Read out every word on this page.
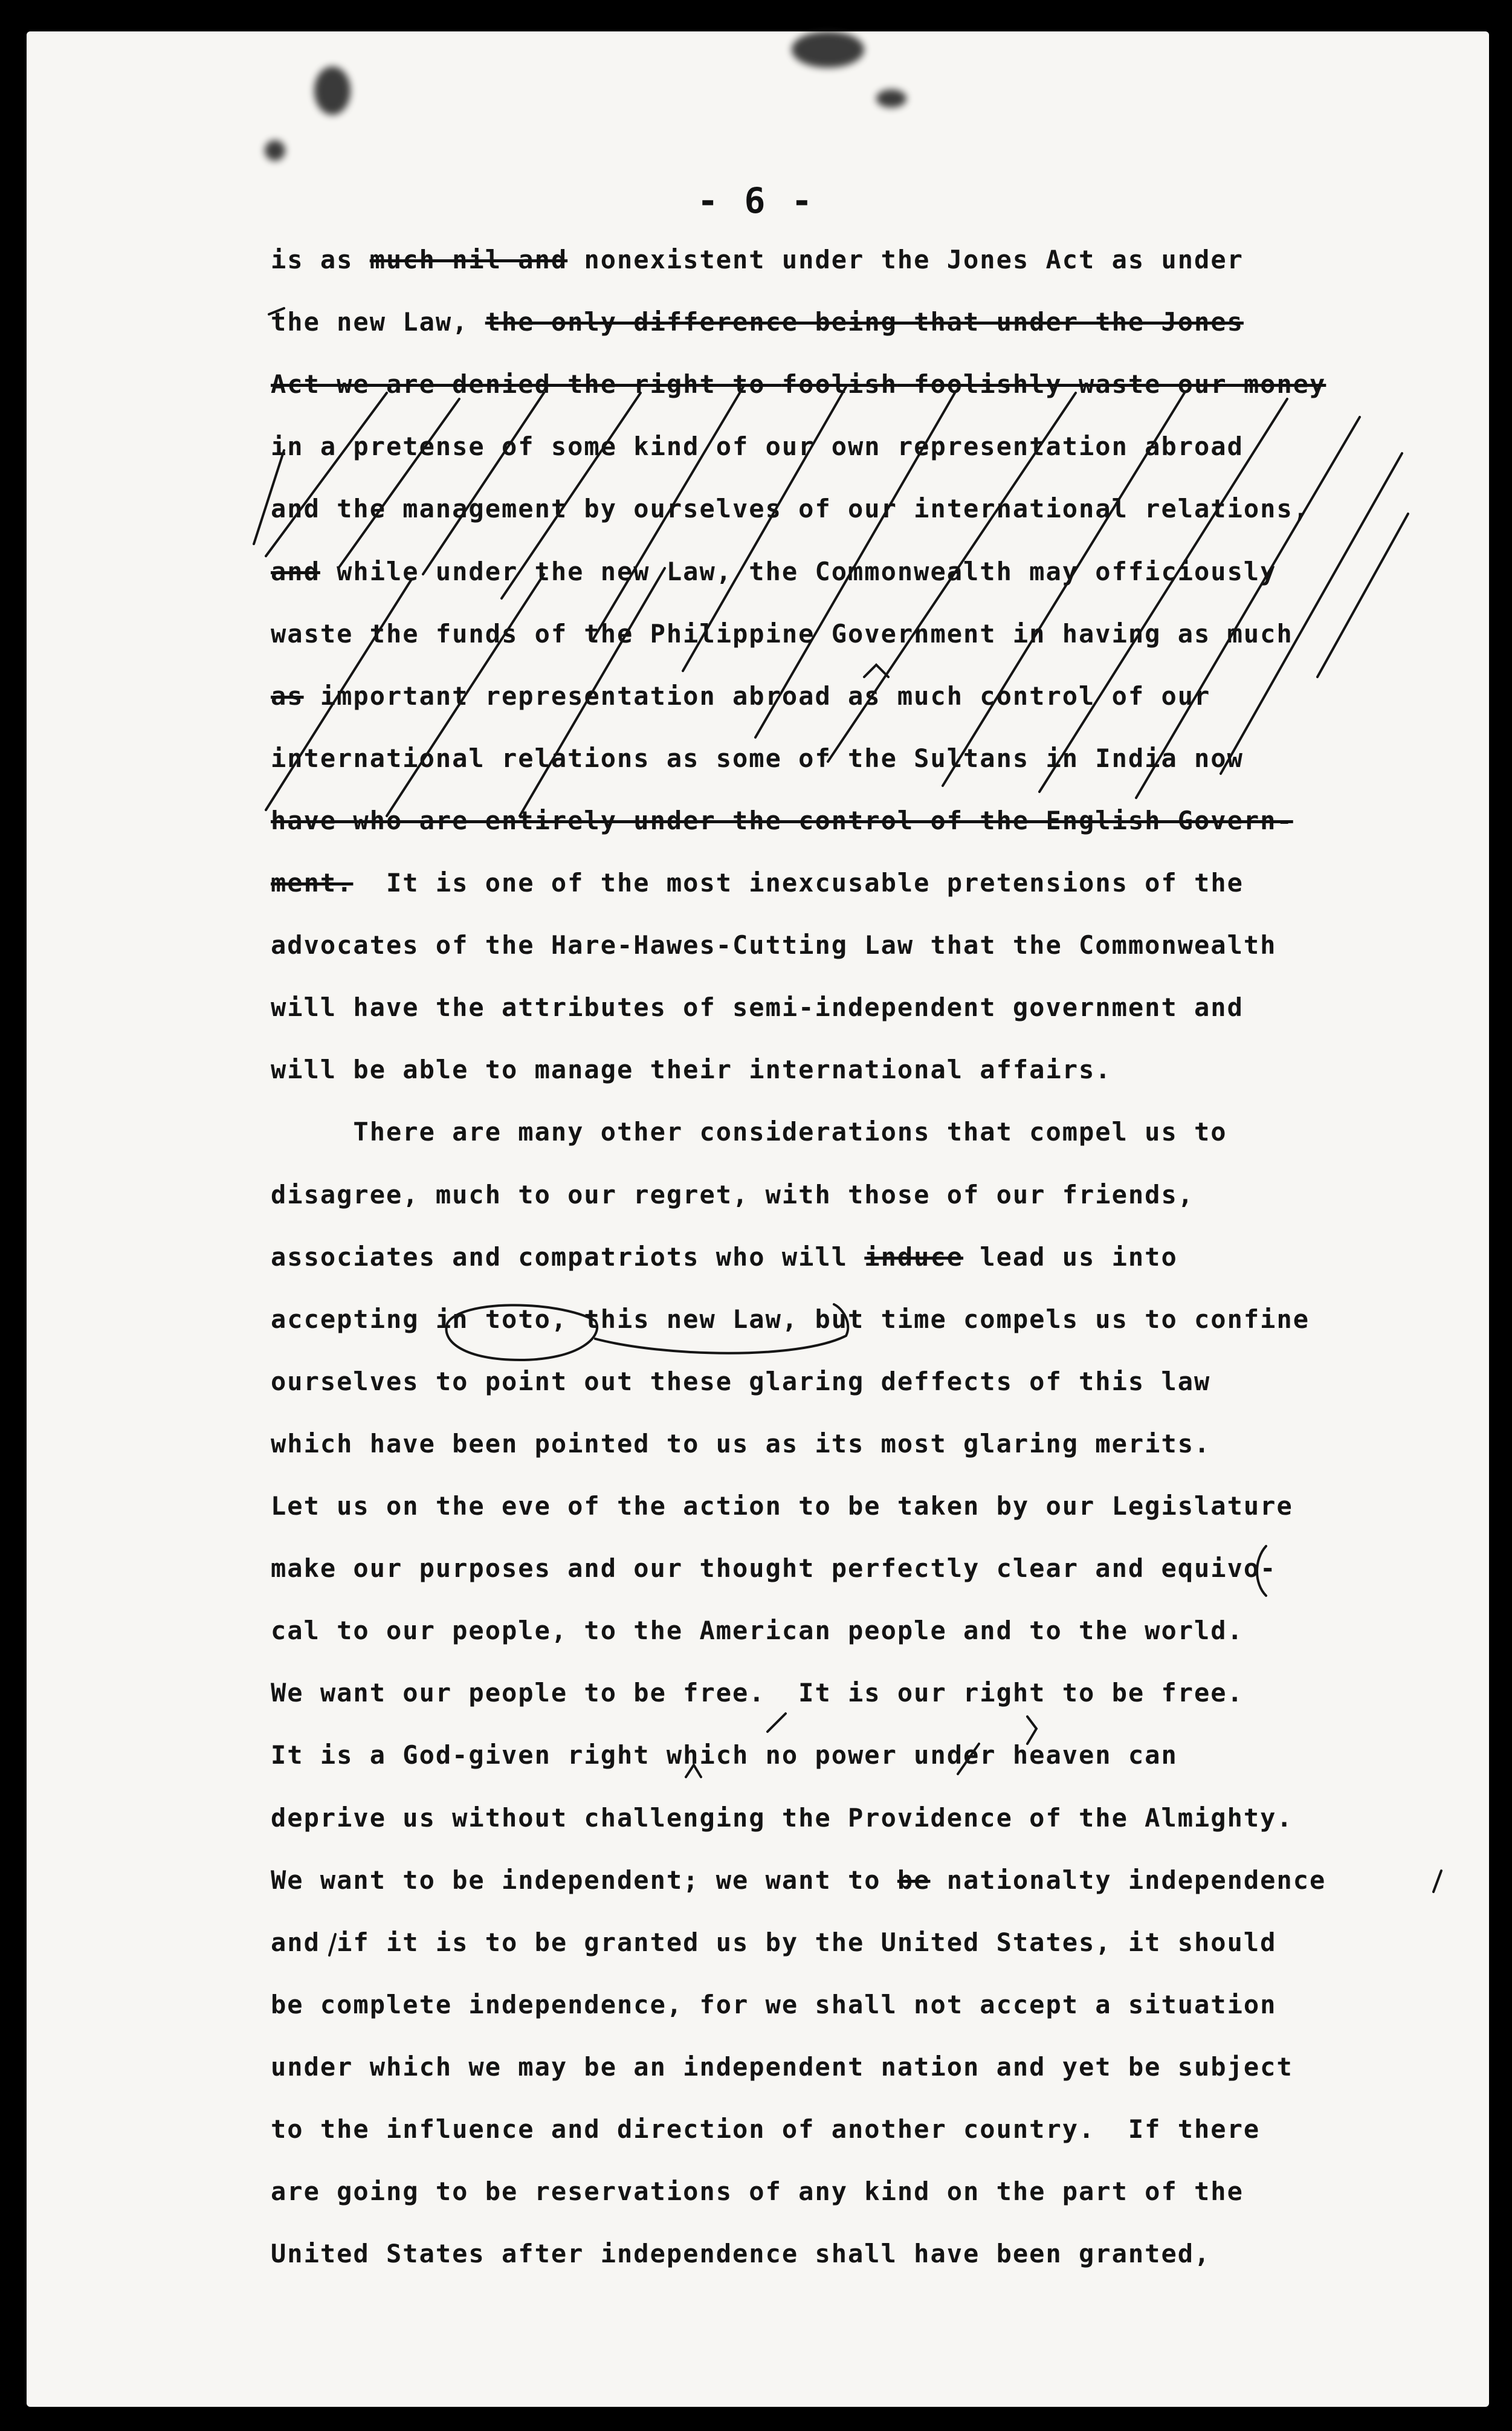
- 6 -

is as much nil and nonexistent under the Jones Act as under

the new Law, the only difference being that under the Jones

Act we are denied the right to foolish foolishly waste our money

in a pretense of some kind of our own representation abroad

and the management by ourselves of our international relations,

and while under the new Law, the Commonwealth may officiously

waste the funds of the Philippine Government in having as much

as important representation abroad as much control of our

international relations as some of the Sultans in India now

have who are entirely under the control of the English Govern-

ment.  It is one of the most inexcusable pretensions of the

advocates of the Hare-Hawes-Cutting Law that the Commonwealth

will have the attributes of semi-independent government and

will be able to manage their international affairs.

There are many other considerations that compel us to

disagree, much to our regret, with those of our friends,

associates and compatriots who will induce lead us into

accepting in toto, this new Law, but time compels us to confine

ourselves to point out these glaring deffects of this law

which have been pointed to us as its most glaring merits.

Let us on the eve of the action to be taken by our Legislature

make our purposes and our thought perfectly clear and equivo-

cal to our people, to the American people and to the world.

We want our people to be free.  It is our right to be free.

It is a God-given right which no power under heaven can

deprive us without challenging the Providence of the Almighty.

We want to be independent; we want to be nationalty independence

and if it is to be granted us by the United States, it should

be complete independence, for we shall not accept a situation

under which we may be an independent nation and yet be subject

to the influence and direction of another country.  If there

are going to be reservations of any kind on the part of the

United States after independence shall have been granted,
